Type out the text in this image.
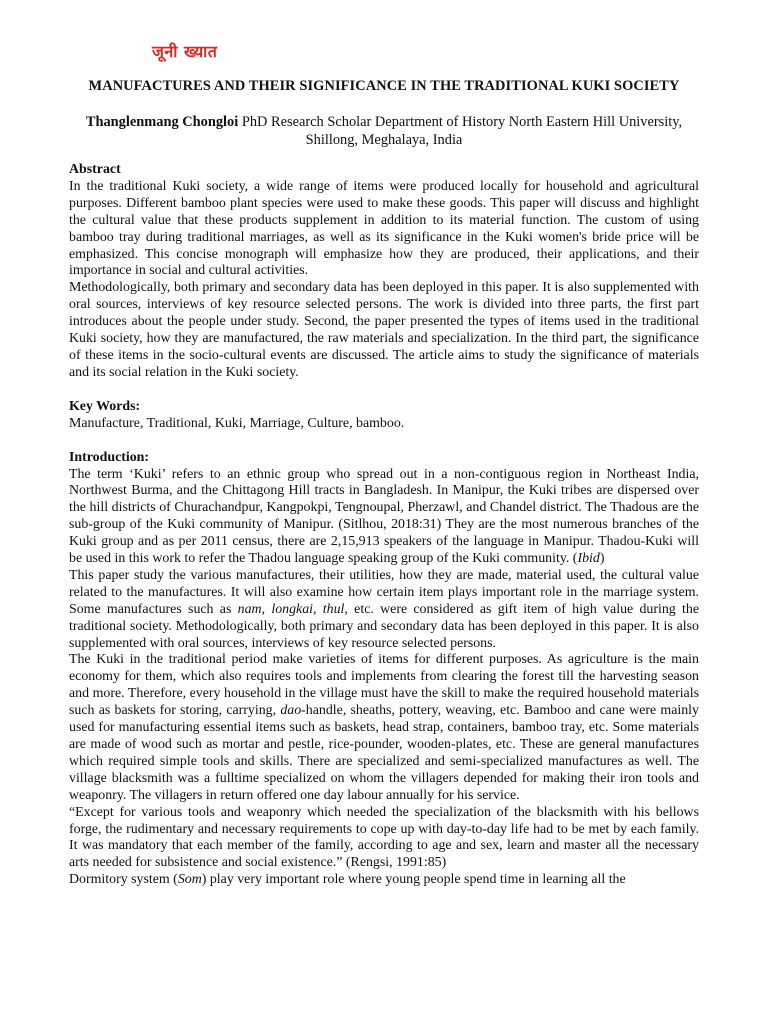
जूनी ख्यात
MANUFACTURES AND THEIR SIGNIFICANCE IN THE TRADITIONAL KUKI SOCIETY
Thanglenmang Chongloi PhD Research Scholar Department of History North Eastern Hill University, Shillong, Meghalaya, India

Abstract

In the traditional Kuki society, a wide range of items were produced locally for household and agricultural purposes. Different bamboo plant species were used to make these goods. This paper will discuss and highlight the cultural value that these products supplement in addition to its material function. The custom of using bamboo tray during traditional marriages, as well as its significance in the Kuki women's bride price will be emphasized. This concise monograph will emphasize how they are produced, their applications, and their importance in social and cultural activities.

Methodologically, both primary and secondary data has been deployed in this paper. It is also supplemented with oral sources, interviews of key resource selected persons. The work is divided into three parts, the first part introduces about the people under study. Second, the paper presented the types of items used in the traditional Kuki society, how they are manufactured, the raw materials and specialization. In the third part, the significance of these items in the socio-cultural events are discussed. The article aims to study the significance of materials and its social relation in the Kuki society.

Key Words:

Manufacture, Traditional, Kuki, Marriage, Culture, bamboo.

Introduction:

The term ‘Kuki’ refers to an ethnic group who spread out in a non-contiguous region in Northeast India, Northwest Burma, and the Chittagong Hill tracts in Bangladesh. In Manipur, the Kuki tribes are dispersed over the hill districts of Churachandpur, Kangpokpi, Tengnoupal, Pherzawl, and Chandel district. The Thadous are the sub-group of the Kuki community of Manipur. (Sitlhou, 2018:31) They are the most numerous branches of the Kuki group and as per 2011 census, there are 2,15,913 speakers of the language in Manipur. Thadou-Kuki will be used in this work to refer the Thadou language speaking group of the Kuki community. (Ibid)

This paper study the various manufactures, their utilities, how they are made, material used, the cultural value related to the manufactures. It will also examine how certain item plays important role in the marriage system. Some manufactures such as nam, longkai, thul, etc. were considered as gift item of high value during the traditional society. Methodologically, both primary and secondary data has been deployed in this paper. It is also supplemented with oral sources, interviews of key resource selected persons.

The Kuki in the traditional period make varieties of items for different purposes. As agriculture is the main economy for them, which also requires tools and implements from clearing the forest till the harvesting season and more. Therefore, every household in the village must have the skill to make the required household materials such as baskets for storing, carrying, dao-handle, sheaths, pottery, weaving, etc. Bamboo and cane were mainly used for manufacturing essential items such as baskets, head strap, containers, bamboo tray, etc. Some materials are made of wood such as mortar and pestle, rice-pounder, wooden-plates, etc. These are general manufactures which required simple tools and skills. There are specialized and semi-specialized manufactures as well. The village blacksmith was a fulltime specialized on whom the villagers depended for making their iron tools and weaponry. The villagers in return offered one day labour annually for his service.

“Except for various tools and weaponry which needed the specialization of the blacksmith with his bellows forge, the rudimentary and necessary requirements to cope up with day-to-day life had to be met by each family. It was mandatory that each member of the family, according to age and sex, learn and master all the necessary arts needed for subsistence and social existence.” (Rengsi, 1991:85)

Dormitory system (Som) play very important role where young people spend time in learning all the
